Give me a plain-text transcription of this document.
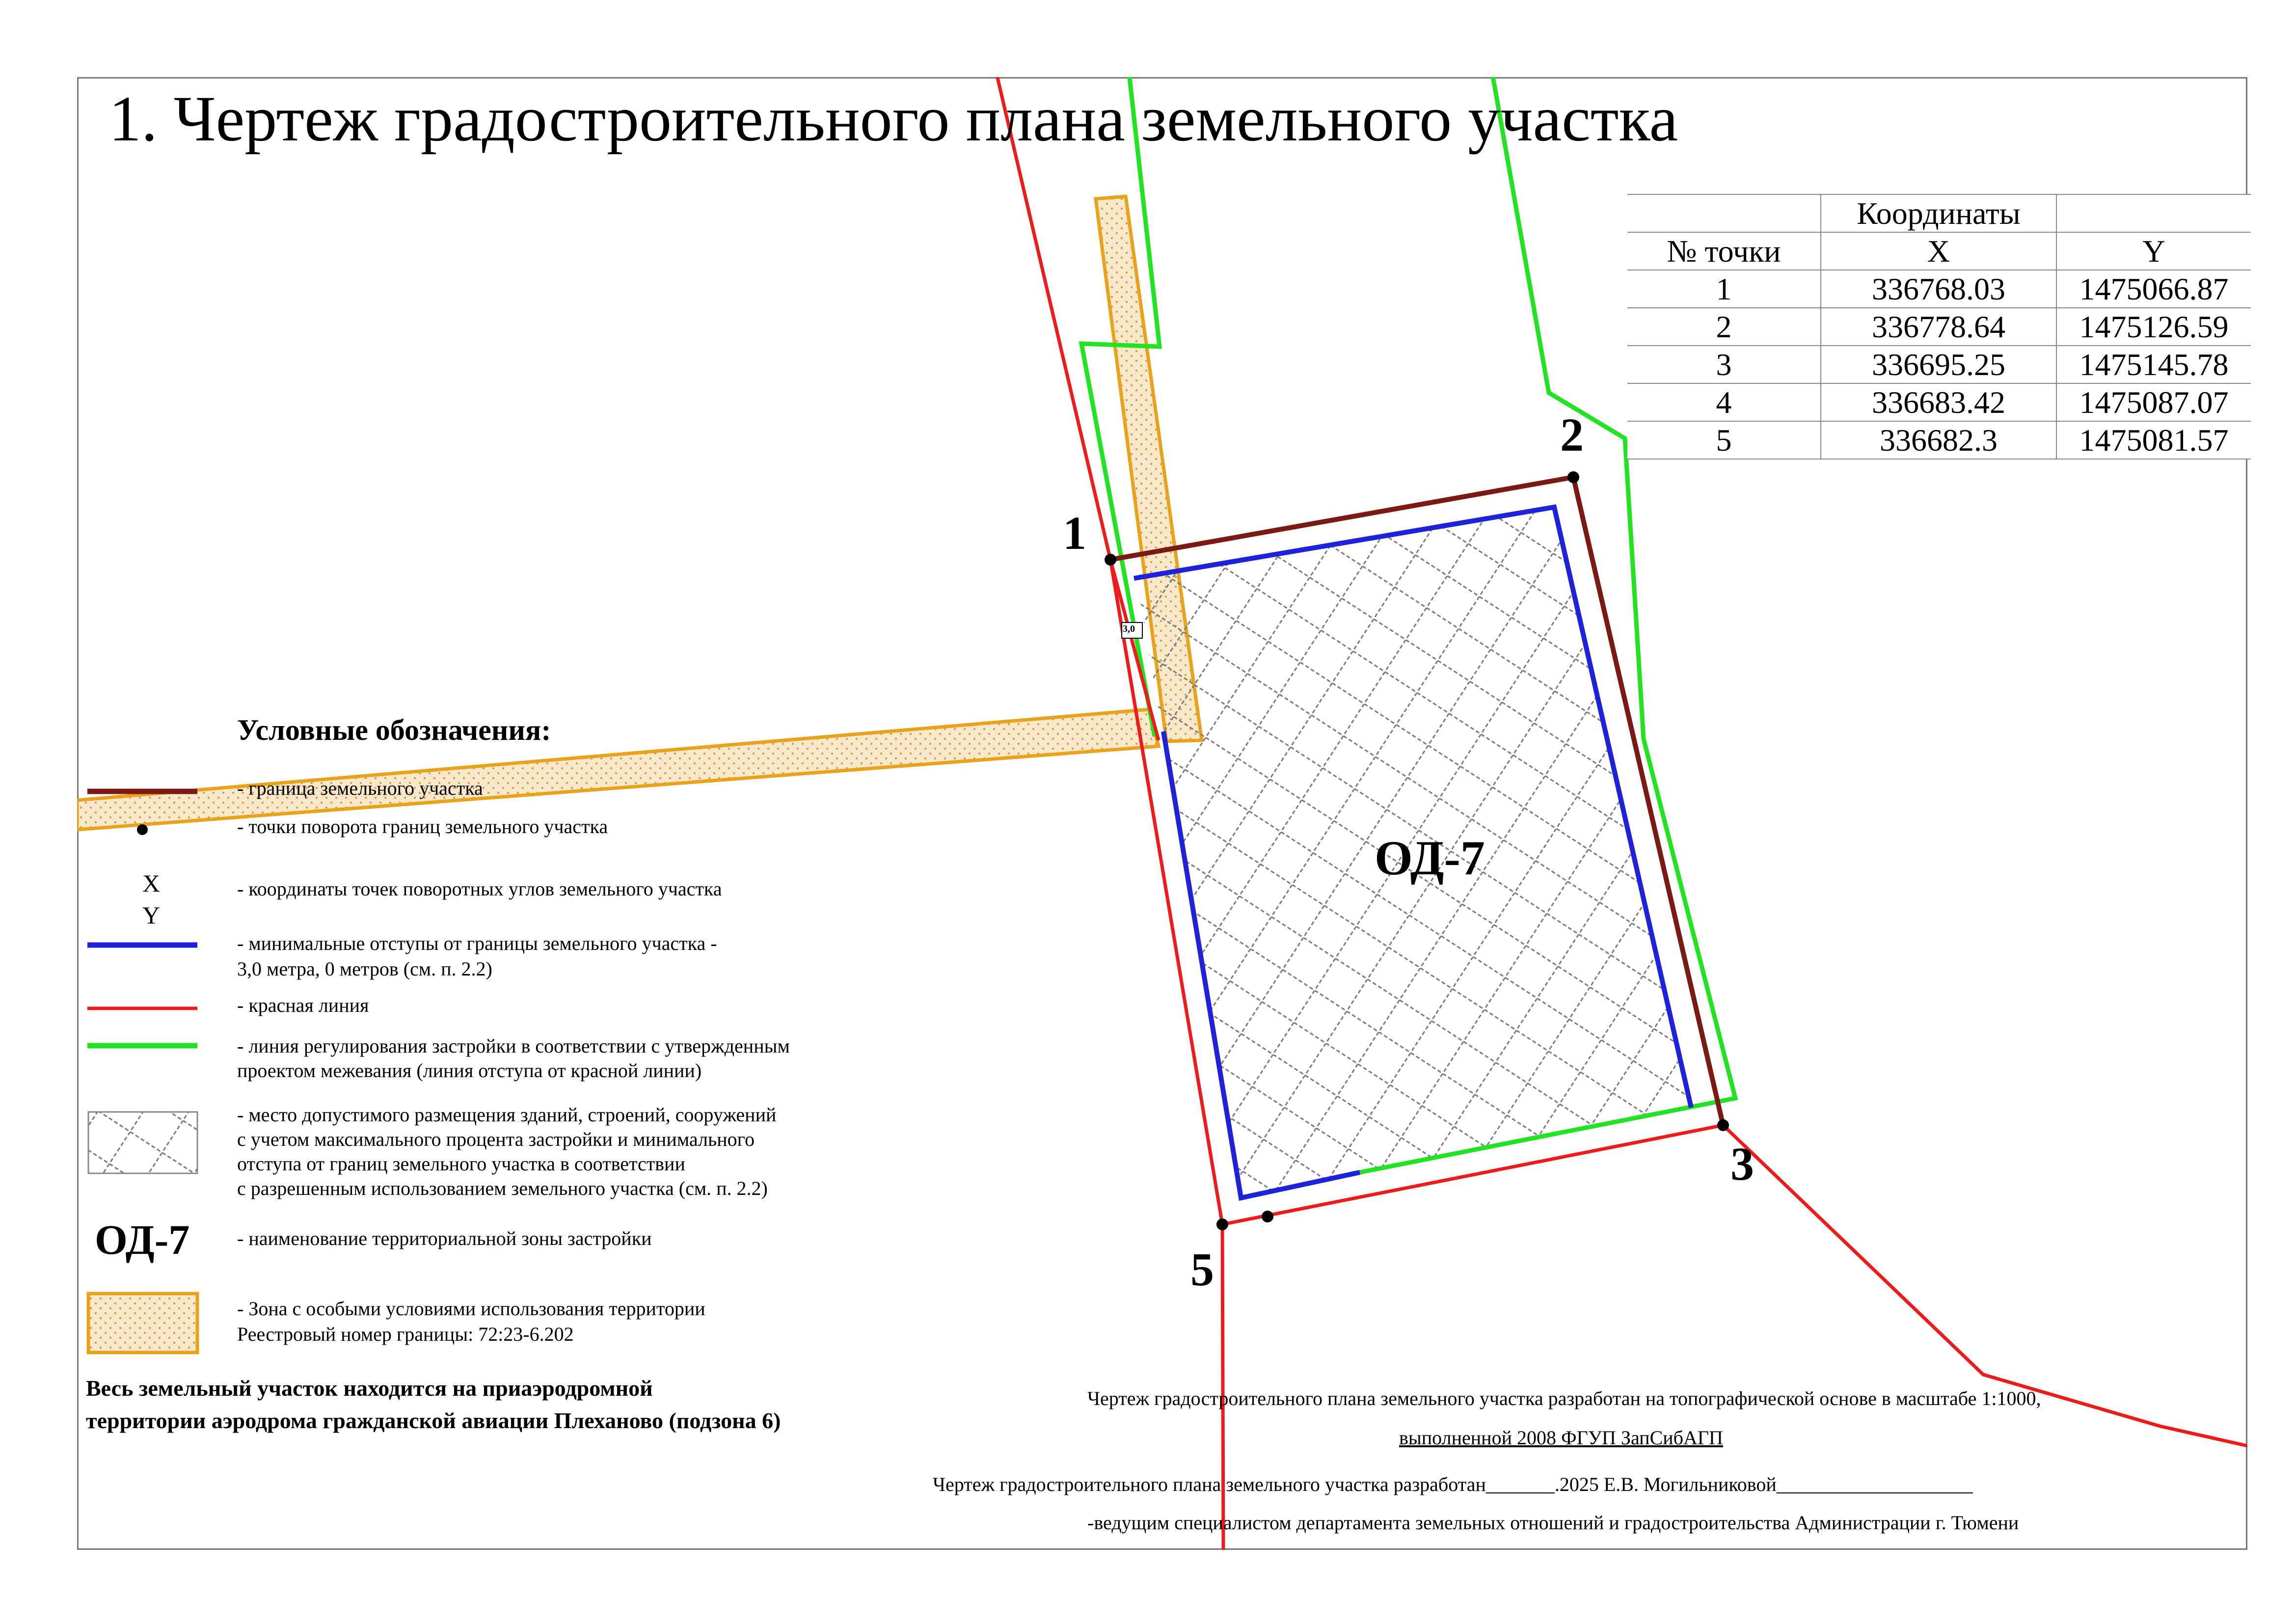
1. Чертеж градостроительного плана земельного участка
	Координаты	
№ точки	X	Y
1	336768.03	1475066.87
2	336778.64	1475126.59
3	336695.25	1475145.78
4	336683.42	1475087.07
5	336682.3	1475081.57
1
2
3
5
ОД-7
3,0
Условные обозначения:
- граница земельного участка
- точки поворота границ земельного участка
X
Y
- координаты точек поворотных углов земельного участка
- минимальные отступы от границы земельного участка -
3,0 метра, 0 метров (см. п. 2.2)
- красная линия
- линия регулирования застройки в соответствии с утвержденным
проектом межевания (линия отступа от красной линии)
- место допустимого размещения зданий, строений, сооружений
с учетом максимального процента застройки и минимального
отступа от границ земельного участка в соответствии
с разрешенным использованием земельного участка (см. п. 2.2)
ОД-7 - наименование территориальной зоны застройки
- Зона с особыми условиями использования территории
Реестровый номер границы: 72:23-6.202
Весь земельный участок находится на приаэродромной
территории аэродрома гражданской авиации Плеханово (подзона 6)
Чертеж градостроительного плана земельного участка разработан на топографической основе в масштабе 1:1000,
выполненной 2008 ФГУП ЗапСибАГП
Чертеж градостроительного плана земельного участка разработан_______.2025 Е.В. Могильниковой____________________
-ведущим специалистом департамента земельных отношений и градостроительства Администрации г. Тюмени
